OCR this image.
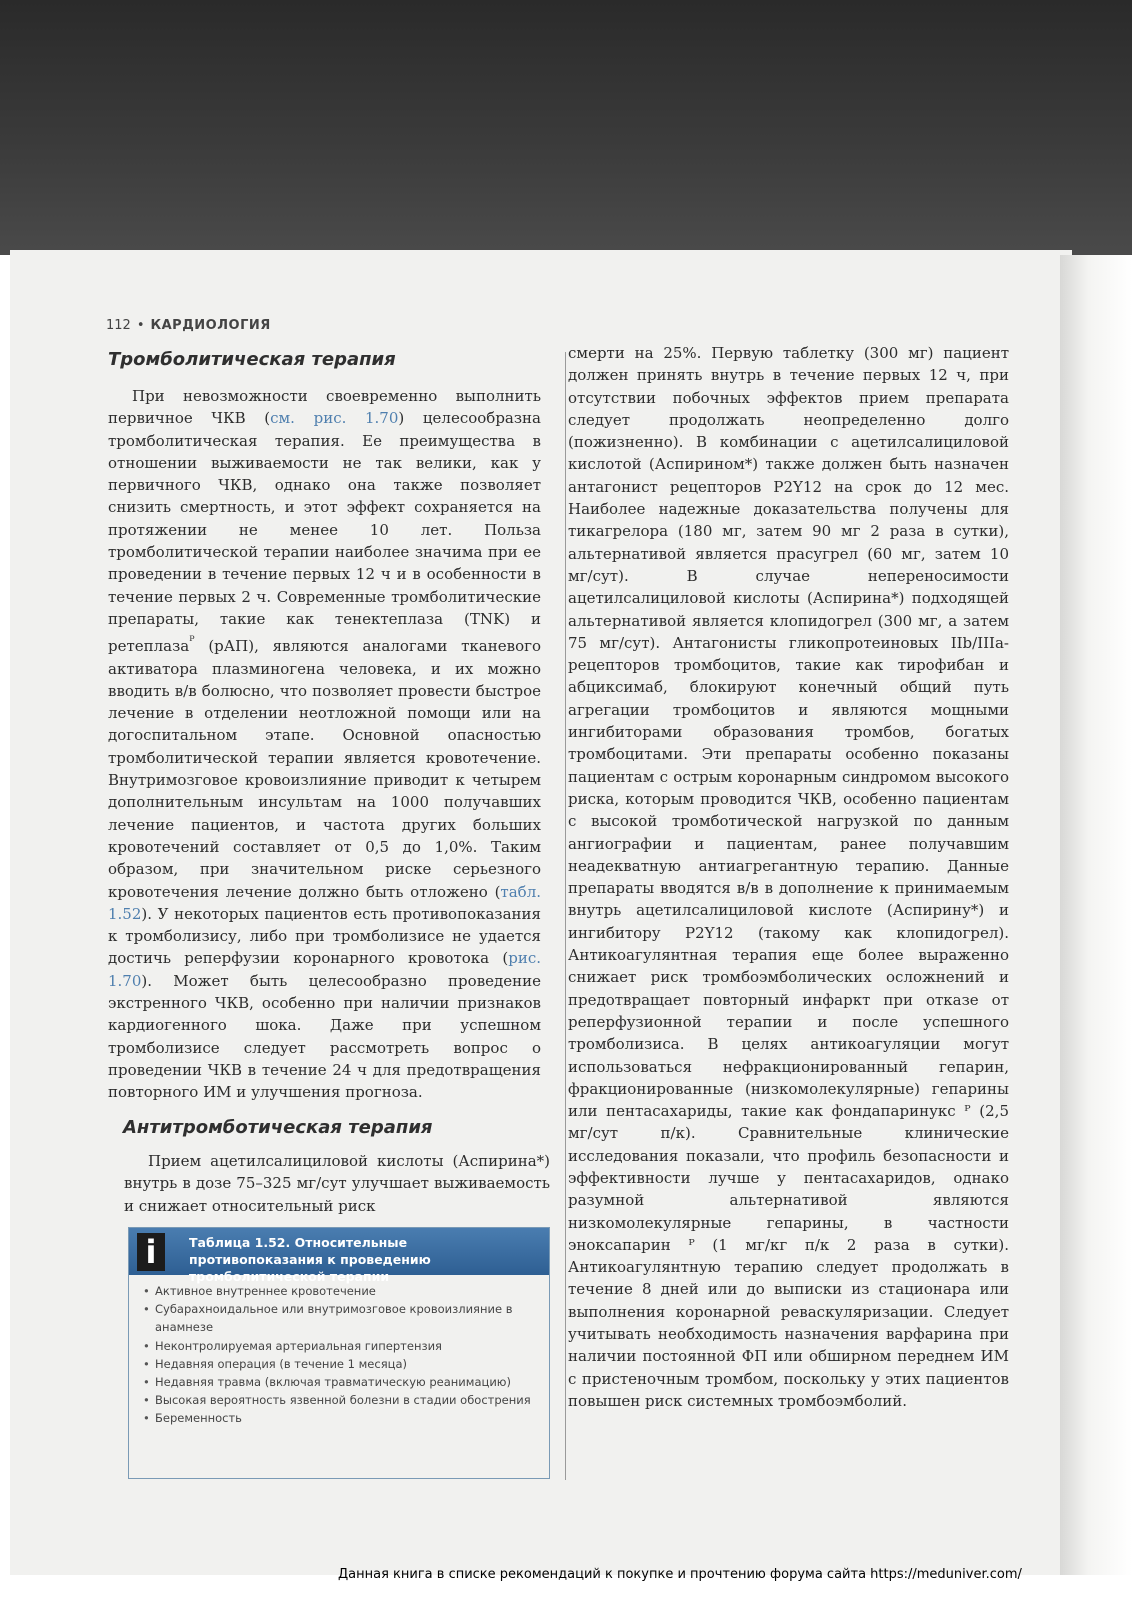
112 • КАРДИОЛОГИЯ
Тромболитическая терапия

При невозможности своевременно выполнить первичное ЧКВ (см. рис. 1.70) целесообразна тромболитическая терапия. Ее преимущества в отношении выживаемости не так велики, как у первичного ЧКВ, однако она также позволяет снизить смертность, и этот эффект сохраняется на протяжении не менее 10 лет. Польза тромболитической терапии наиболее значима при ее проведении в течение первых 12 ч и в особенности в течение первых 2 ч. Современные тромболитические препараты, такие как тенектеплаза (TNK) и ретеплаза$^ᴾ$ (рАП), являются аналогами тканевого активатора плазминогена человека, и их можно вводить в/в болюсно, что позволяет провести быстрое лечение в отделении неотложной помощи или на догоспитальном этапе. Основной опасностью тромболитической терапии является кровотечение. Внутримозговое кровоизлияние приводит к четырем дополнительным инсультам на 1000 получавших лечение пациентов, и частота других больших кровотечений составляет от 0,5 до 1,0%. Таким образом, при значительном риске серьезного кровотечения лечение должно быть отложено (табл. 1.52). У некоторых пациентов есть противопоказания к тромболизису, либо при тромболизисе не удается достичь реперфузии коронарного кровотока (рис. 1.70). Может быть целесообразно проведение экстренного ЧКВ, особенно при наличии признаков кардиогенного шока. Даже при успешном тромболизисе следует рассмотреть вопрос о проведении ЧКВ в течение 24 ч для предотвращения повторного ИМ и улучшения прогноза.

Антитромботическая терапия

Прием ацетилсалициловой кислоты (Аспирина*) внутрь в дозе 75–325 мг/сут улучшает выживаемость и снижает относительный риск

i	Таблица 1.52. Относительные противопоказания к проведению тромболитической терапии
• Активное внутреннее кровотечение
• Субарахноидальное или внутримозговое кровоизлияние в анамнезе
• Неконтролируемая артериальная гипертензия
• Недавняя операция (в течение 1 месяца)
• Недавняя травма (включая травматическую реанимацию)
• Высокая вероятность язвенной болезни в стадии обострения
• Беременность

смерти на 25%. Первую таблетку (300 мг) пациент должен принять внутрь в течение первых 12 ч, при отсутствии побочных эффектов прием препарата следует продолжать неопределенно долго (пожизненно). В комбинации с ацетилсалициловой кислотой (Аспирином*) также должен быть назначен антагонист рецепторов P2Y12 на срок до 12 мес. Наиболее надежные доказательства получены для тикагрелора (180 мг, затем 90 мг 2 раза в сутки), альтернативой является прасугрел (60 мг, затем 10 мг/сут). В случае непереносимости ацетилсалициловой кислоты (Аспирина*) подходящей альтернативой является клопидогрел (300 мг, а затем 75 мг/сут). Антагонисты гликопротеиновых IIb/IIIa-рецепторов тромбоцитов, такие как тирофибан и абциксимаб, блокируют конечный общий путь агрегации тромбоцитов и являются мощными ингибиторами образования тромбов, богатых тромбоцитами. Эти препараты особенно показаны пациентам с острым коронарным синдромом высокого риска, которым проводится ЧКВ, особенно пациентам с высокой тромботической нагрузкой по данным ангиографии и пациентам, ранее получавшим неадекватную антиагрегантную терапию. Данные препараты вводятся в/в в дополнение к принимаемым внутрь ацетилсалициловой кислоте (Аспирину*) и ингибитору P2Y12 (такому как клопидогрел). Антикоагулянтная терапия еще более выраженно снижает риск тромбоэмболических осложнений и предотвращает повторный инфаркт при отказе от реперфузионной терапии и после успешного тромболизиса. В целях антикоагуляции могут использоваться нефракционированный гепарин, фракционированные (низкомолекулярные) гепарины или пентасахариды, такие как фондапаринукс ᴾ (2,5 мг/сут п/к). Сравнительные клинические исследования показали, что профиль безопасности и эффективности лучше у пентасахаридов, однако разумной альтернативой являются низкомолекулярные гепарины, в частности эноксапарин ᴾ (1 мг/кг п/к 2 раза в сутки). Антикоагулянтную терапию следует продолжать в течение 8 дней или до выписки из стационара или выполнения коронарной реваскуляризации. Следует учитывать необходимость назначения варфарина при наличии постоянной ФП или обширном переднем ИМ с пристеночным тромбом, поскольку у этих пациентов повышен риск системных тромбоэмболий.

Данная книга в списке рекомендаций к покупке и прочтению форума сайта https://meduniver.com/
